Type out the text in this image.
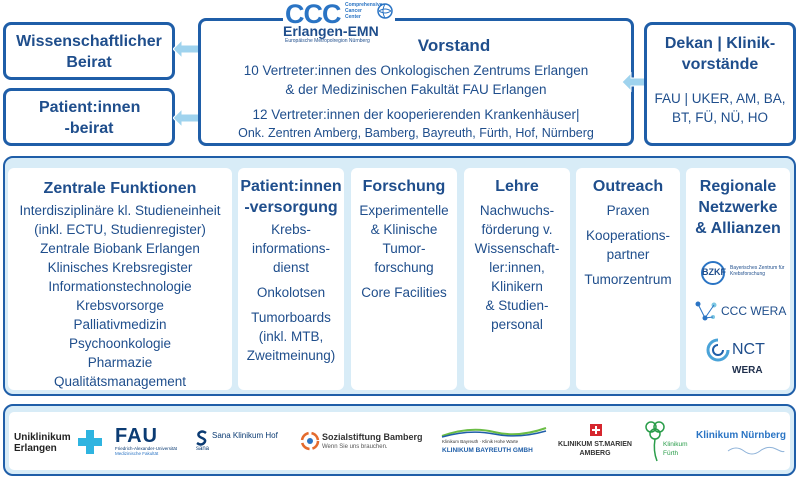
Wissenschaftlicher Beirat
Patient:innen -beirat
Vorstand
10 Vertreter:innen des Onkologischen Zentrums Erlangen
& der Medizinischen Fakultät FAU Erlangen
12 Vertreter:innen der kooperierenden Krankenhäuser|
Onk. Zentren Amberg, Bamberg, Bayreuth, Fürth, Hof, Nürnberg
CCC Comprehensive
Cancer
Center
Erlangen-EMN
Europäische Metropolregion Nürnberg	Dekan | Klinik-
vorstände
FAU | UKER, AM, BA,
BT, FÜ, NÜ, HO
Zentrale Funktionen
Interdisziplinäre kl. Studieneinheit
(inkl. ECTU, Studienregister)
Zentrale Biobank Erlangen
Klinisches Krebsregister
Informationstechnologie
Krebsvorsorge
Palliativmedizin
Psychoonkologie
Pharmazie
Qualitätsmanagement
Patient:innen
-versorgung
Krebs-
informations-
dienst
Onkolotsen
Tumorboards
(inkl. MTB,
Zweitmeinung)
Forschung
Experimentelle
& Klinische
Tumor-
forschung
Core Facilities
Lehre
Nachwuchs-
förderung v.
Wissenschaft-
ler:innen,
Klinikern
& Studien-
personal
Outreach
Praxen
Kooperations-
partner
Tumorzentrum
Regionale
Netzwerke
& Allianzen
BZKF Bayerisches Zentrum für Krebsforschung
CCC WERA
NCT
WERA
Uniklinikum
Erlangen
FAU
Friedrich-Alexander-Universität
Medizinische Fakultät
Sana Klinikum Hof
sana
Sozialstiftung Bamberg
Wenn Sie uns brauchen.
Klinikum Bayreuth · Klinik Hohe Warte
KLINIKUM BAYREUTH GMBH
KLINIKUM ST.MARIEN
AMBERG
Klinikum
Fürth
Klinikum Nürnberg
